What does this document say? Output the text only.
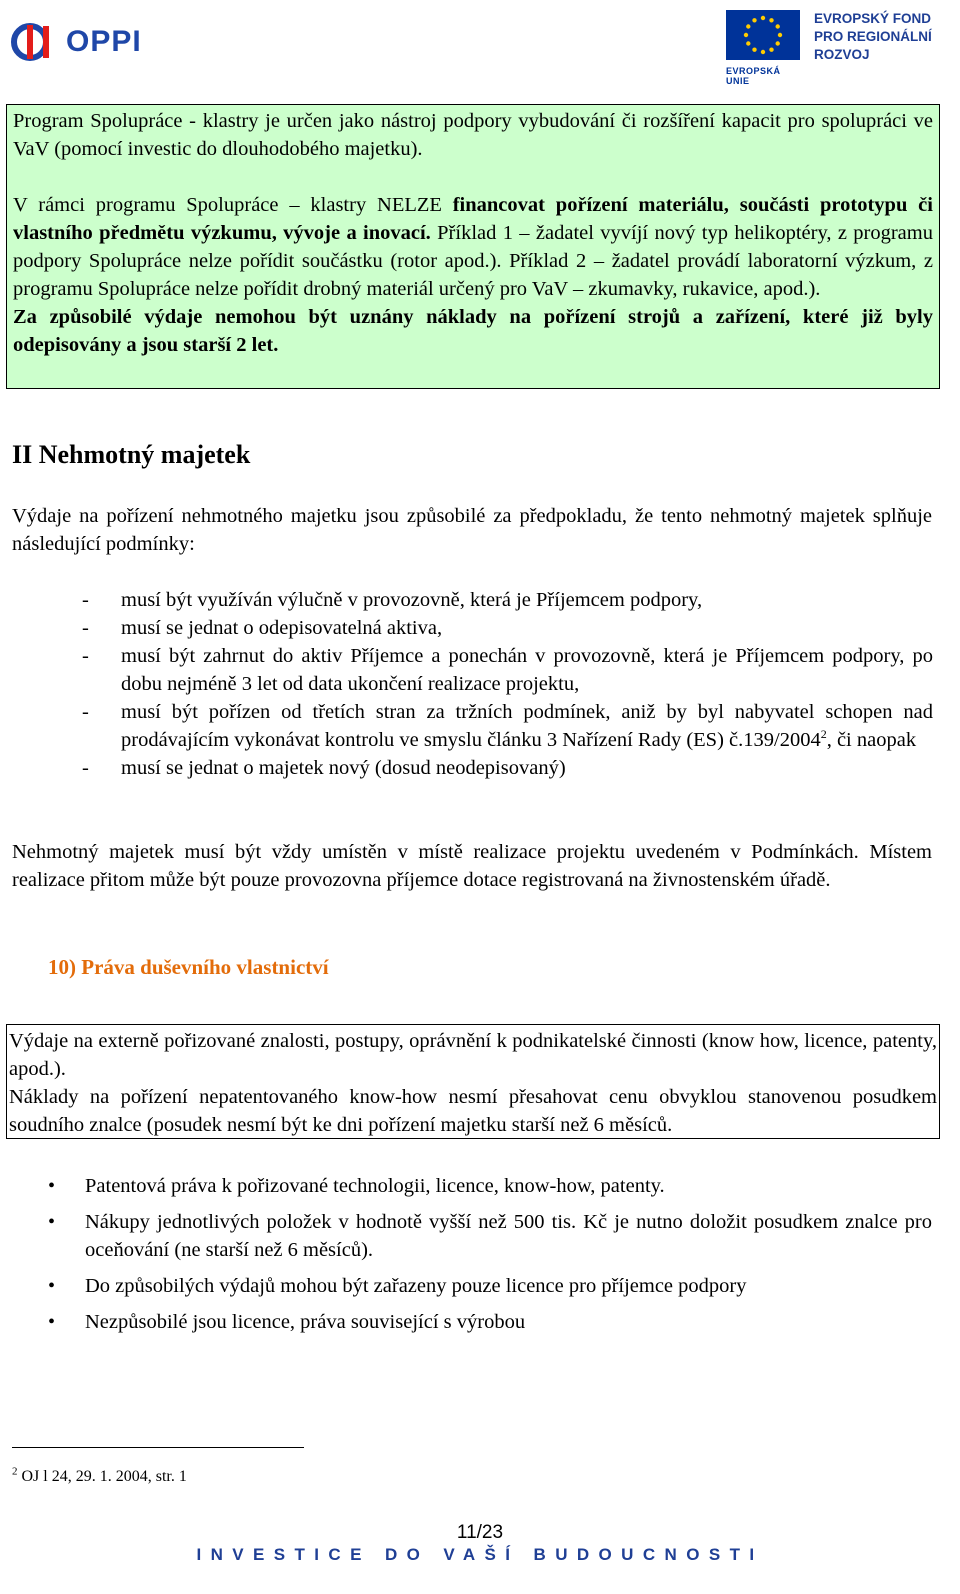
OPPI
EVROPSKÁ UNIE
EVROPSKÝ FOND
PRO REGIONÁLNÍ
ROZVOJ

Program Spolupráce - klastry je určen jako nástroj podpory vybudování či rozšíření kapacit pro spolupráci ve VaV (pomocí investic do dlouhodobého majetku).

V rámci programu Spolupráce – klastry NELZE financovat pořízení materiálu, součásti prototypu či vlastního předmětu výzkumu, vývoje a inovací. Příklad 1 – žadatel vyvíjí nový typ helikoptéry, z programu podpory Spolupráce nelze pořídit součástku (rotor apod.). Příklad 2 – žadatel provádí laboratorní výzkum, z programu Spolupráce nelze pořídit drobný materiál určený pro VaV – zkumavky, rukavice, apod.).

Za způsobilé výdaje nemohou být uznány náklady na pořízení strojů a zařízení, které již byly odepisovány a jsou starší 2 let.

II Nehmotný majetek

Výdaje na pořízení nehmotného majetku jsou způsobilé za předpokladu, že tento nehmotný majetek splňuje následující podmínky:

- musí být využíván výlučně v provozovně, která je Příjemcem podpory,
- musí se jednat o odepisovatelná aktiva,
- musí být zahrnut do aktiv Příjemce a ponechán v provozovně, která je Příjemcem podpory, po dobu nejméně 3 let od data ukončení realizace projektu,
- musí být pořízen od třetích stran za tržních podmínek, aniž by byl nabyvatel schopen nad prodávajícím vykonávat kontrolu ve smyslu článku 3 Nařízení Rady (ES) č.139/2004$^2$, či naopak
- musí se jednat o majetek nový (dosud neodepisovaný)

Nehmotný majetek musí být vždy umístěn v místě realizace projektu uvedeném v Podmínkách. Místem realizace přitom může být pouze provozovna příjemce dotace registrovaná na živnostenském úřadě.

10) Práva duševního vlastnictví

Výdaje na externě pořizované znalosti, postupy, oprávnění k podnikatelské činnosti (know how, licence, patenty, apod.).

Náklady na pořízení nepatentovaného know-how nesmí přesahovat cenu obvyklou stanovenou posudkem soudního znalce (posudek nesmí být ke dni pořízení majetku starší než 6 měsíců.

• Patentová práva k pořizované technologii, licence, know-how, patenty.
• Nákupy jednotlivých položek v hodnotě vyšší než 500 tis. Kč je nutno doložit posudkem znalce pro oceňování (ne starší než 6 měsíců).
• Do způsobilých výdajů mohou být zařazeny pouze licence pro příjemce podpory
• Nezpůsobilé jsou licence, práva související s výrobou
$^2$ OJ l 24, 29. 1. 2004, str. 1
11/23
INVESTICE DO VAŠÍ BUDOUCNOSTI
